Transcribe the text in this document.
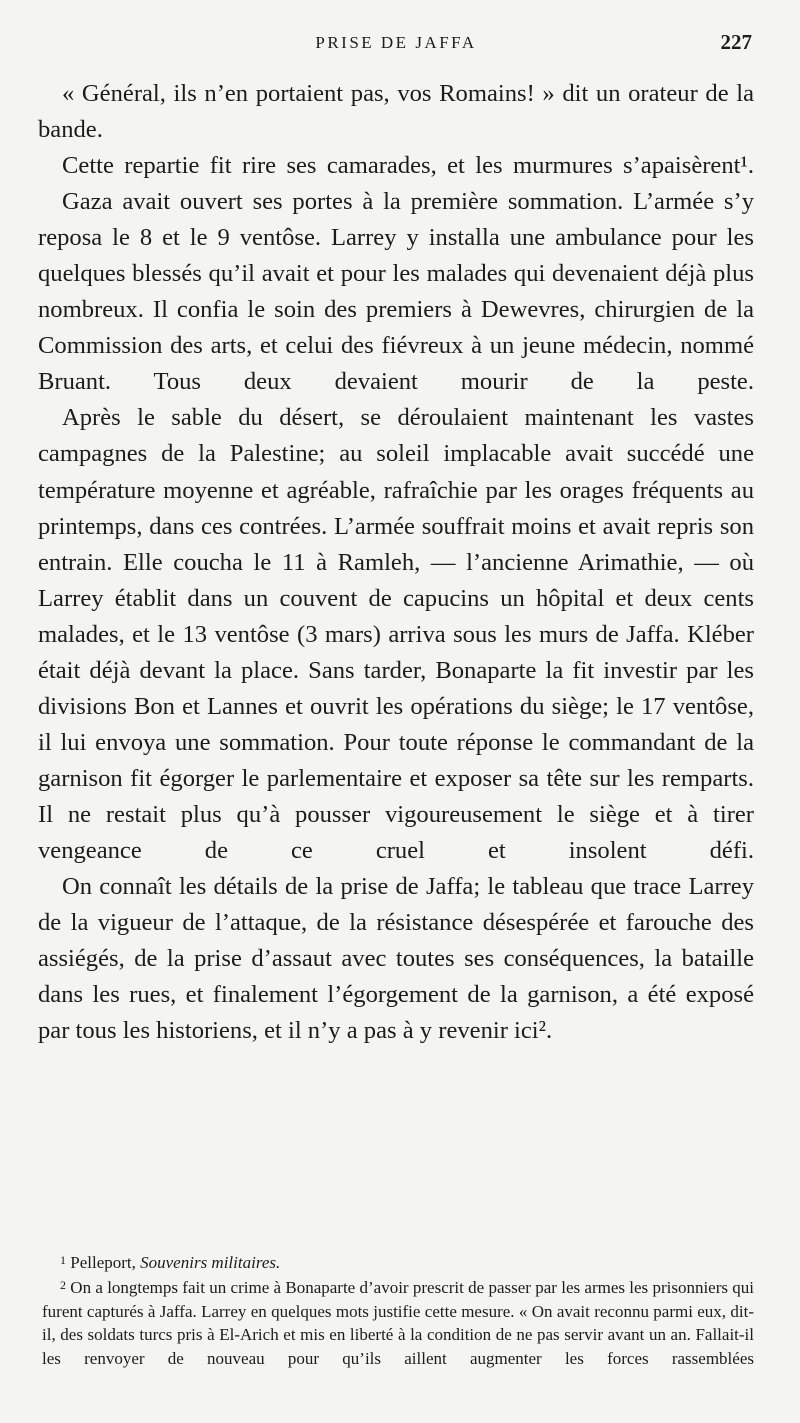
PRISE DE JAFFA	227

« Général, ils n’en portaient pas, vos Romains! » dit un orateur de la bande.

Cette repartie fit rire ses camarades, et les murmures s’apaisèrent¹.

Gaza avait ouvert ses portes à la première sommation. L’armée s’y reposa le 8 et le 9 ventôse. Larrey y installa une ambulance pour les quelques blessés qu’il avait et pour les malades qui devenaient déjà plus nombreux. Il confia le soin des premiers à Dewevres, chirurgien de la Commission des arts, et celui des fiévreux à un jeune médecin, nommé Bruant. Tous deux devaient mourir de la peste.

Après le sable du désert, se déroulaient maintenant les vastes campagnes de la Palestine; au soleil implacable avait succédé une température moyenne et agréable, rafraîchie par les orages fréquents au printemps, dans ces contrées. L’armée souffrait moins et avait repris son entrain. Elle coucha le 11 à Ramleh, — l’ancienne Arimathie, — où Larrey établit dans un couvent de capucins un hôpital et deux cents malades, et le 13 ventôse (3 mars) arriva sous les murs de Jaffa. Kléber était déjà devant la place. Sans tarder, Bonaparte la fit investir par les divisions Bon et Lannes et ouvrit les opérations du siège; le 17 ventôse, il lui envoya une sommation. Pour toute réponse le commandant de la garnison fit égorger le parlementaire et exposer sa tête sur les remparts. Il ne restait plus qu’à pousser vigoureusement le siège et à tirer vengeance de ce cruel et insolent défi.

On connaît les détails de la prise de Jaffa; le tableau que trace Larrey de la vigueur de l’attaque, de la résistance désespérée et farouche des assiégés, de la prise d’assaut avec toutes ses conséquences, la bataille dans les rues, et finalement l’égorgement de la garnison, a été exposé par tous les historiens, et il n’y a pas à y revenir ici².

$^1$ Pelleport, Souvenirs militaires.

$^2$ On a longtemps fait un crime à Bonaparte d’avoir prescrit de passer par les armes les prisonniers qui furent capturés à Jaffa. Larrey en quelques mots justifie cette mesure. « On avait reconnu parmi eux, dit-il, des soldats turcs pris à El-Arich et mis en liberté à la condition de ne pas servir avant un an. Fallait-il les renvoyer de nouveau pour qu’ils aillent augmenter les forces rassemblées
